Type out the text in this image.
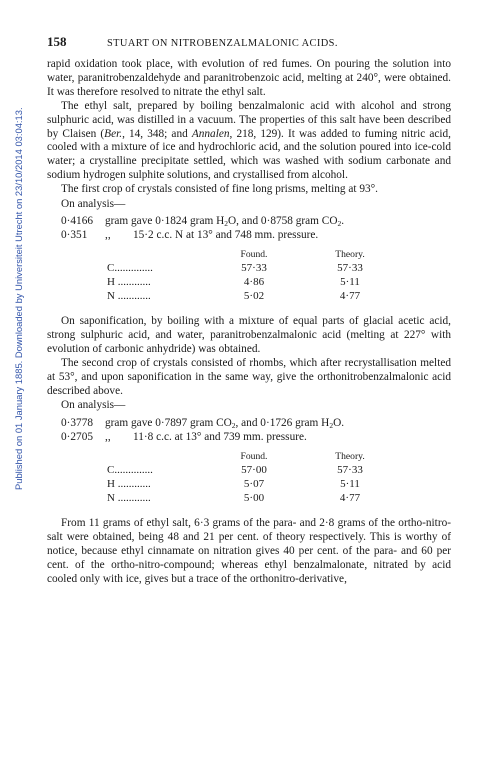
Published on 01 January 1885. Downloaded by Universiteit Utrecht on 23/10/2014 03:04:13.
158	STUART ON NITROBENZALMALONIC ACIDS.

rapid oxidation took place, with evolution of red fumes. On pouring the solution into water, paranitrobenzaldehyde and paranitrobenzoic acid, melting at 240°, were obtained. It was therefore resolved to nitrate the ethyl salt.

The ethyl salt, prepared by boiling benzalmalonic acid with alcohol and strong sulphuric acid, was distilled in a vacuum. The properties of this salt have been described by Claisen (Ber., 14, 348; and Annalen, 218, 129). It was added to fuming nitric acid, cooled with a mixture of ice and hydrochloric acid, and the solution poured into ice-cold water; a crystalline precipitate settled, which was washed with sodium carbonate and sodium hydrogen sulphite solutions, and crystallised from alcohol.

The first crop of crystals consisted of fine long prisms, melting at 93°.

On analysis—
0·4166 gram gave 0·1824 gram $H_2O$, and 0·8758 gram $CO_2$.
0·351 ,, 15·2 c.c. N at 13° and 748 mm. pressure.
Found.	Theory.
C..............	57·33	57·33
H ............	4·86	5·11
N ............	5·02	4·77

On saponification, by boiling with a mixture of equal parts of glacial acetic acid, strong sulphuric acid, and water, paranitrobenzalmalonic acid (melting at 227° with evolution of carbonic anhydride) was obtained.

The second crop of crystals consisted of rhombs, which after recrystallisation melted at 53°, and upon saponification in the same way, give the orthonitrobenzalmalonic acid described above.

On analysis—
0·3778 gram gave 0·7897 gram $CO_2$, and 0·1726 gram $H_2O$.
0·2705 ,, 11·8 c.c. at 13° and 739 mm. pressure.
Found.	Theory.
C..............	57·00	57·33
H ............	5·07	5·11
N ............	5·00	4·77

From 11 grams of ethyl salt, 6·3 grams of the para- and 2·8 grams of the ortho-nitro-salt were obtained, being 48 and 21 per cent. of theory respectively. This is worthy of notice, because ethyl cinnamate on nitration gives 40 per cent. of the para- and 60 per cent. of the ortho-nitro-compound; whereas ethyl benzalmalonate, nitrated by acid cooled only with ice, gives but a trace of the orthonitro-derivative,
